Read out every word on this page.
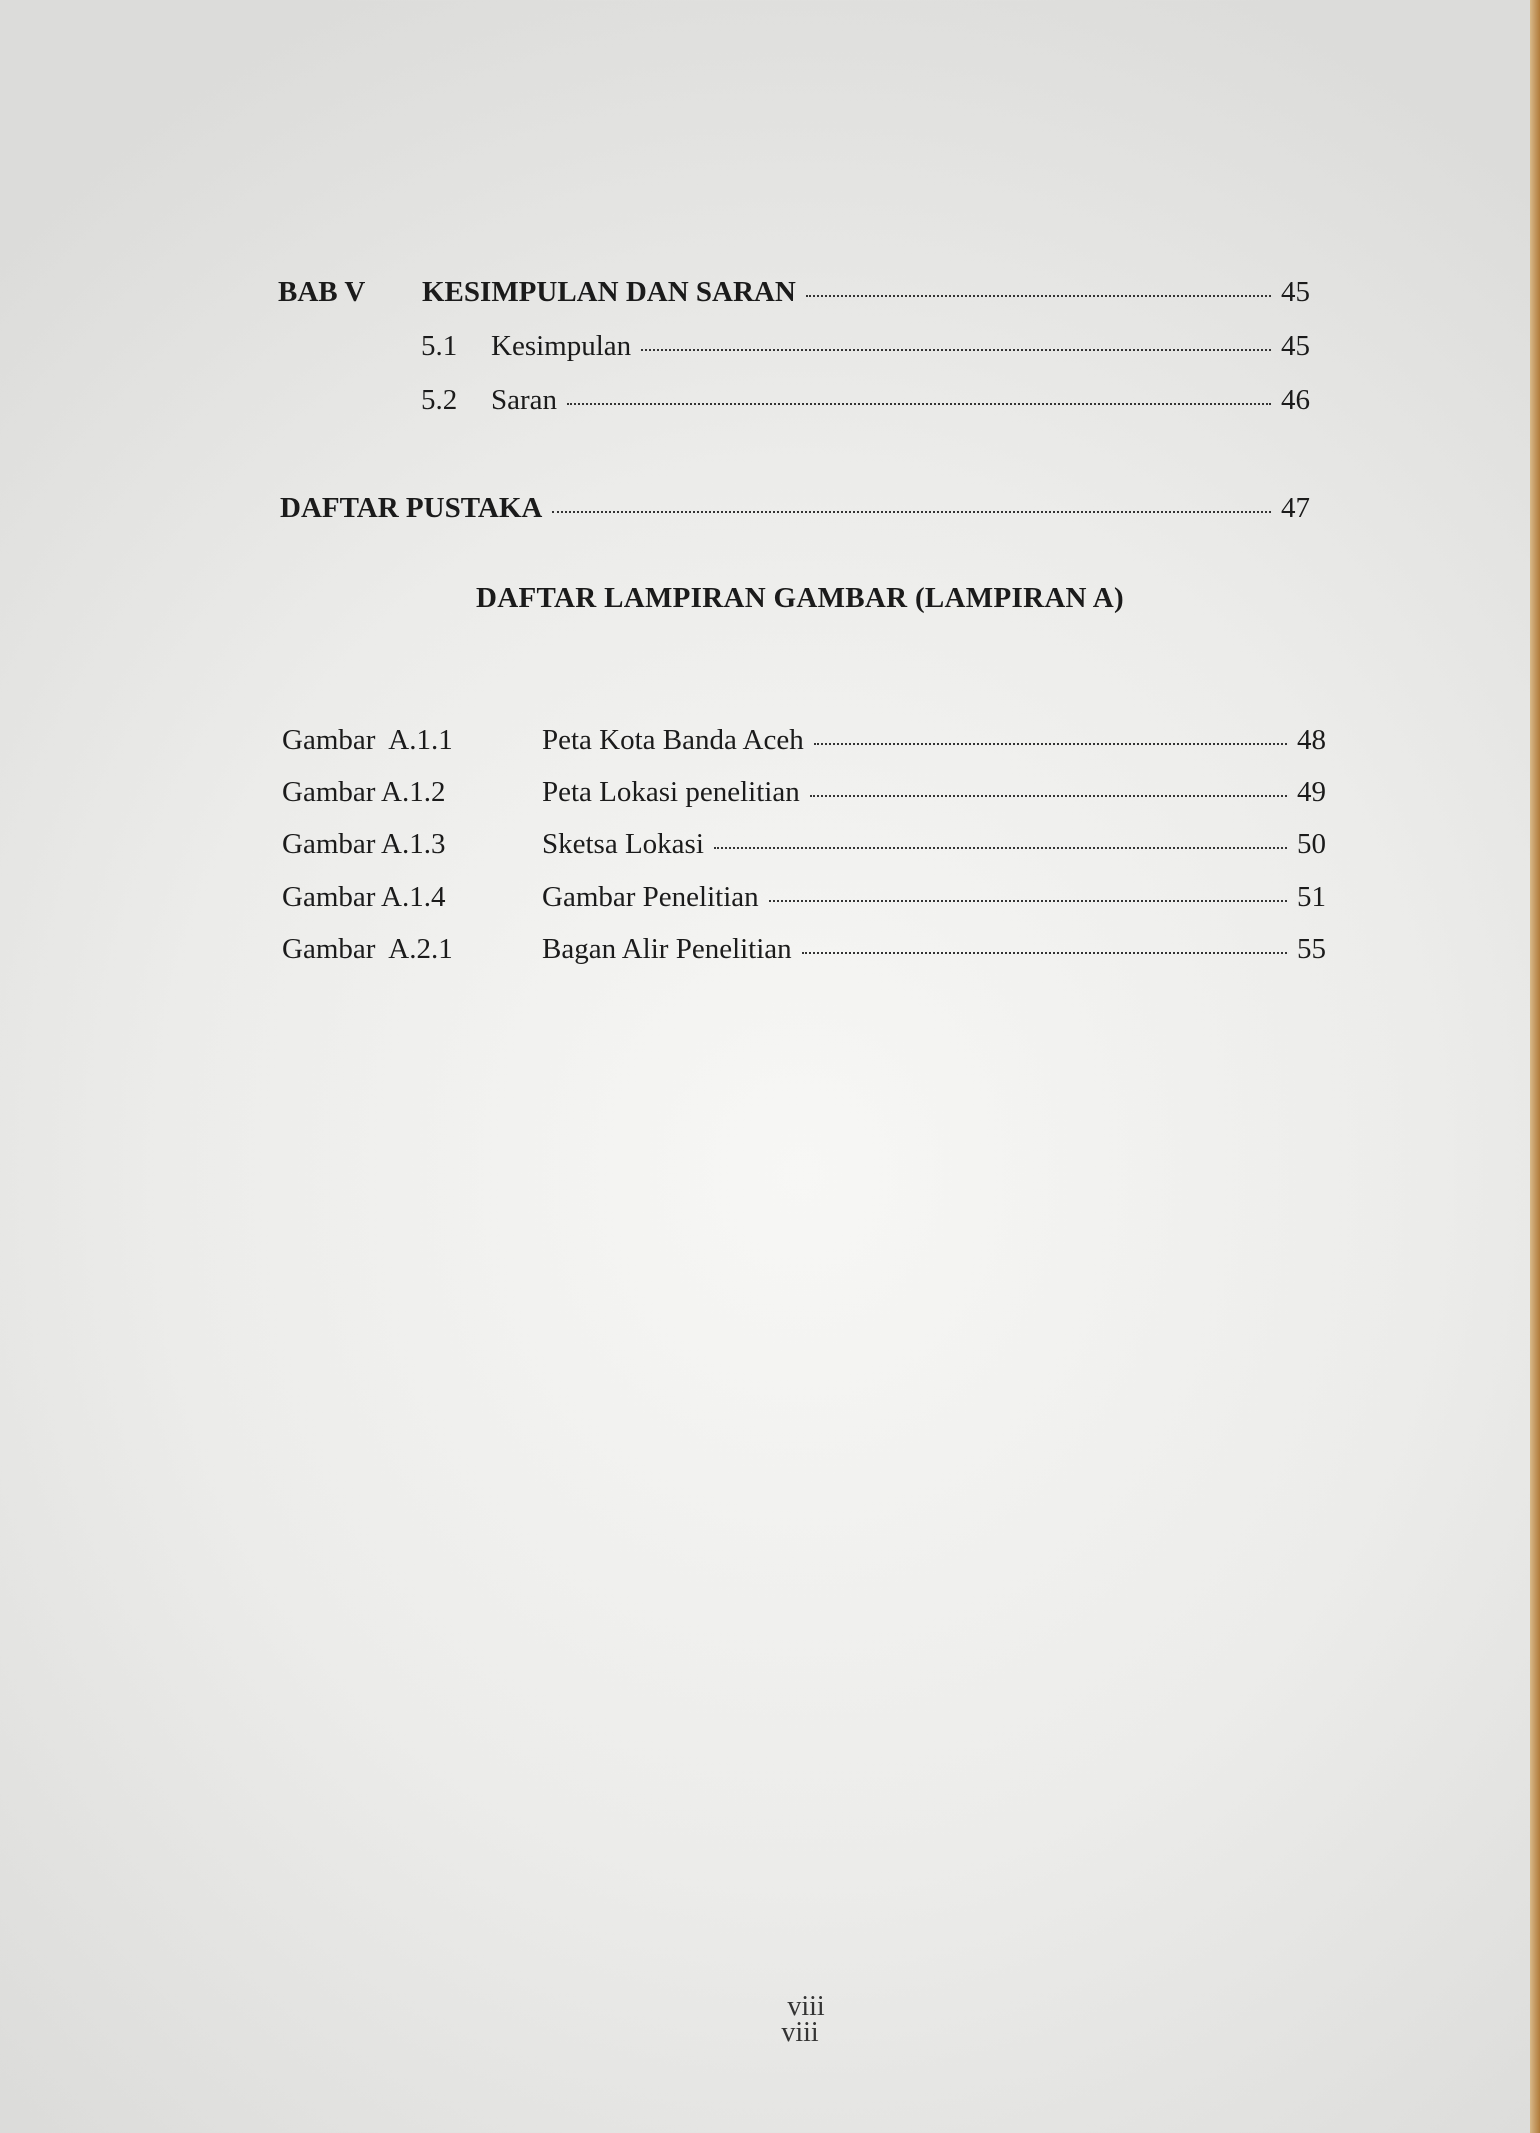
BAB V	KESIMPULAN DAN SARAN	45
5.1	Kesimpulan	45
5.2	Saran	46
DAFTAR PUSTAKA	47
DAFTAR LAMPIRAN GAMBAR (LAMPIRAN A)
Gambar  A.1.1	Peta Kota Banda Aceh	48
Gambar A.1.2	Peta Lokasi penelitian	49
Gambar A.1.3	Sketsa Lokasi	50
Gambar A.1.4	Gambar Penelitian	51
Gambar  A.2.1	Bagan Alir Penelitian	55
viii
viii
